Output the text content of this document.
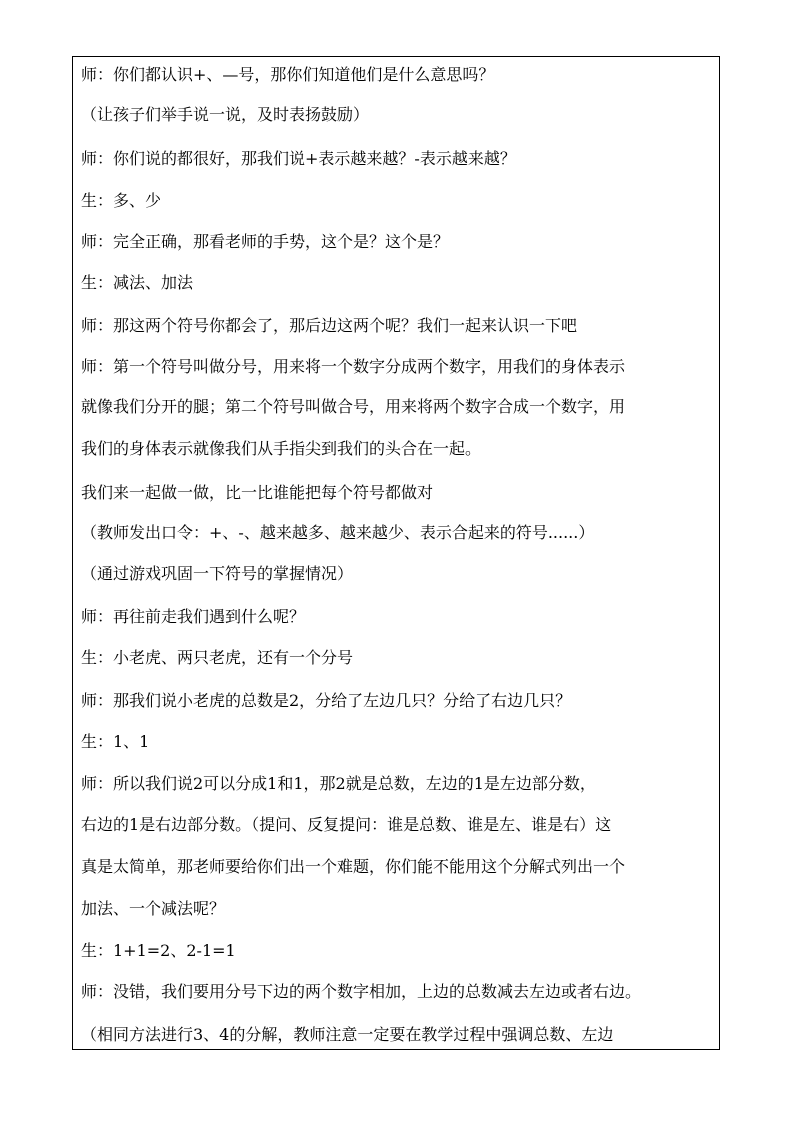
师：你们都认识+、—号，那你们知道他们是什么意思吗？
（让孩子们举手说一说，及时表扬鼓励）
师：你们说的都很好，那我们说+表示越来越？-表示越来越？
生：多、少
师：完全正确，那看老师的手势，这个是？这个是？
生：减法、加法
师：那这两个符号你都会了，那后边这两个呢？我们一起来认识一下吧
师：第一个符号叫做分号，用来将一个数字分成两个数字，用我们的身体表示
就像我们分开的腿；第二个符号叫做合号，用来将两个数字合成一个数字，用
我们的身体表示就像我们从手指尖到我们的头合在一起。
我们来一起做一做，比一比谁能把每个符号都做对
（教师发出口令：+、-、越来越多、越来越少、表示合起来的符号......）
（通过游戏巩固一下符号的掌握情况）
师：再往前走我们遇到什么呢？
生：小老虎、两只老虎，还有一个分号
师：那我们说小老虎的总数是2，分给了左边几只？分给了右边几只？
生：1、1
师：所以我们说2可以分成1和1，那2就是总数，左边的1是左边部分数，
右边的1是右边部分数。（提问、反复提问：谁是总数、谁是左、谁是右）这
真是太简单，那老师要给你们出一个难题，你们能不能用这个分解式列出一个
加法、一个减法呢？
生：1+1=2、2-1=1
师：没错，我们要用分号下边的两个数字相加，上边的总数减去左边或者右边。
（相同方法进行3、4的分解，教师注意一定要在教学过程中强调总数、左边
